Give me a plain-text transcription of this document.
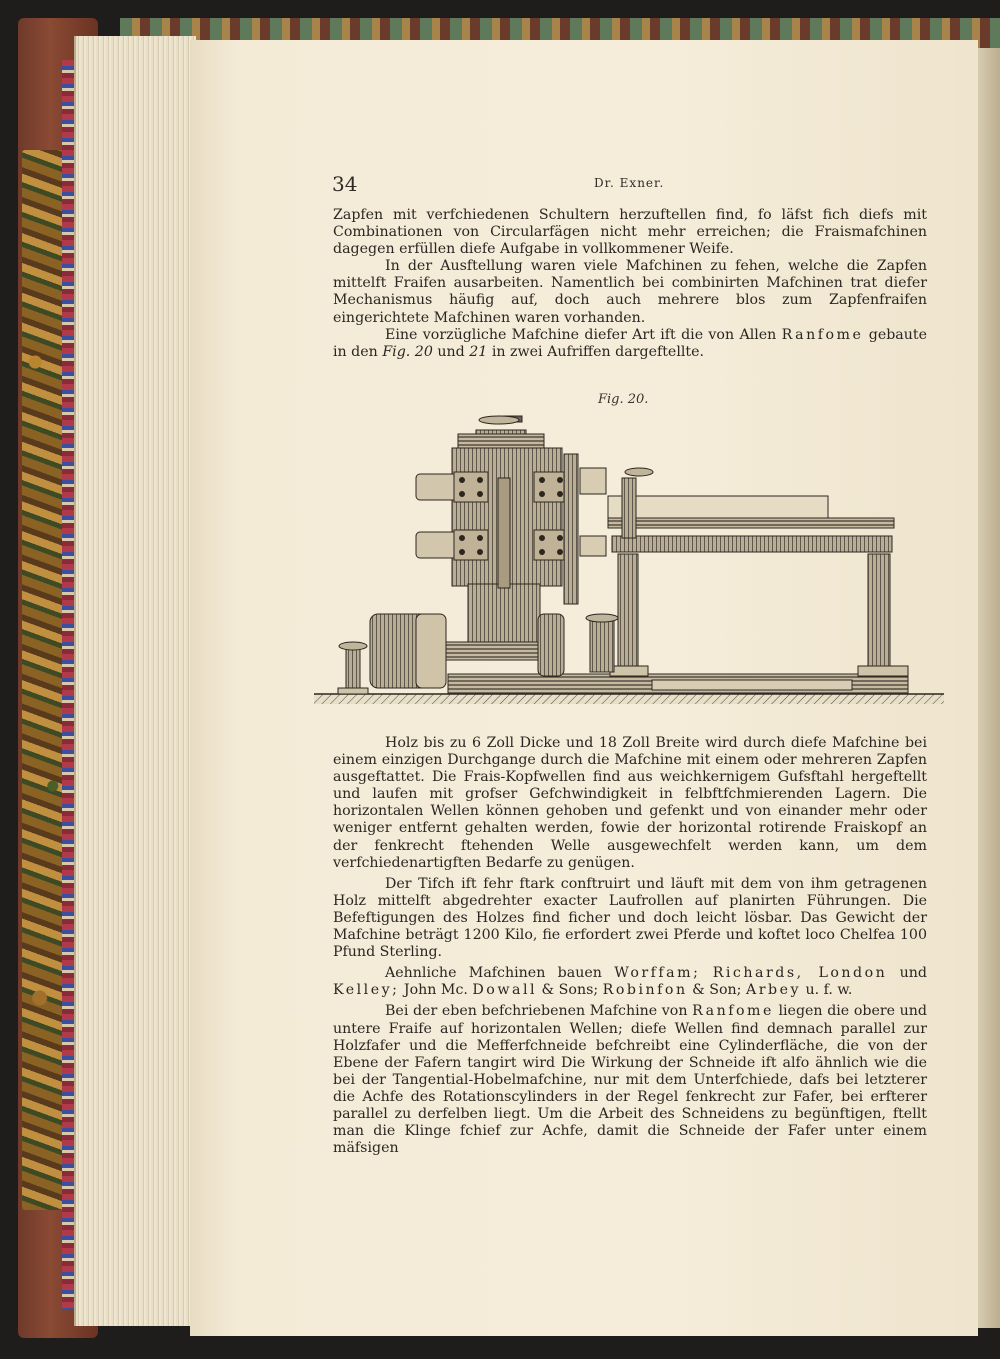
34	Dr. Exner.

Zapfen mit verfchiedenen Schultern herzuftellen find, fo läfst fich diefs mit Combinationen von Circularfägen nicht mehr erreichen; die Fraismafchinen dagegen erfüllen diefe Aufgabe in vollkommener Weife.

In der Ausftellung waren viele Mafchinen zu fehen, welche die Zapfen mittelft Fraifen ausarbeiten. Namentlich bei combinirten Mafchinen trat diefer Mechanismus häufig auf, doch auch mehrere blos zum Zapfenfraifen eingerichtete Mafchinen waren vorhanden.

Eine vorzügliche Mafchine diefer Art ift die von Allen Ranfome gebaute in den Fig. 20 und 21 in zwei Aufriffen dargeftellte.

Fig. 20.

Holz bis zu 6 Zoll Dicke und 18 Zoll Breite wird durch diefe Mafchine bei einem einzigen Durchgange durch die Mafchine mit einem oder mehreren Zapfen ausgeftattet. Die Frais-Kopfwellen find aus weichkernigem Gufsftahl hergeftellt und laufen mit grofser Gefchwindigkeit in felbftfchmierenden Lagern. Die horizontalen Wellen können gehoben und gefenkt und von einander mehr oder weniger entfernt gehalten werden, fowie der horizontal rotirende Fraiskopf an der fenkrecht ftehenden Welle ausgewechfelt werden kann, um dem verfchiedenartigften Bedarfe zu genügen.

Der Tifch ift fehr ftark conftruirt und läuft mit dem von ihm getragenen Holz mittelft abgedrehter exacter Laufrollen auf planirten Führungen. Die Befeftigungen des Holzes find ficher und doch leicht lösbar. Das Gewicht der Mafchine beträgt 1200 Kilo, fie erfordert zwei Pferde und koftet loco Chelfea 100 Pfund Sterling.

Aehnliche Mafchinen bauen Worffam; Richards, London und Kelley; John Mc. Dowall & Sons; Robinfon & Son; Arbey u. f. w.

Bei der eben befchriebenen Mafchine von Ranfome liegen die obere und untere Fraife auf horizontalen Wellen; diefe Wellen find demnach parallel zur Holzfafer und die Mefferfchneide befchreibt eine Cylinderfläche, die von der Ebene der Fafern tangirt wird Die Wirkung der Schneide ift alfo ähnlich wie die bei der Tangential-Hobelmafchine, nur mit dem Unterfchiede, dafs bei letzterer die Achfe des Rotationscylinders in der Regel fenkrecht zur Fafer, bei erfterer parallel zu derfelben liegt. Um die Arbeit des Schneidens zu begünftigen, ftellt man die Klinge fchief zur Achfe, damit die Schneide der Fafer unter einem mäfsigen
